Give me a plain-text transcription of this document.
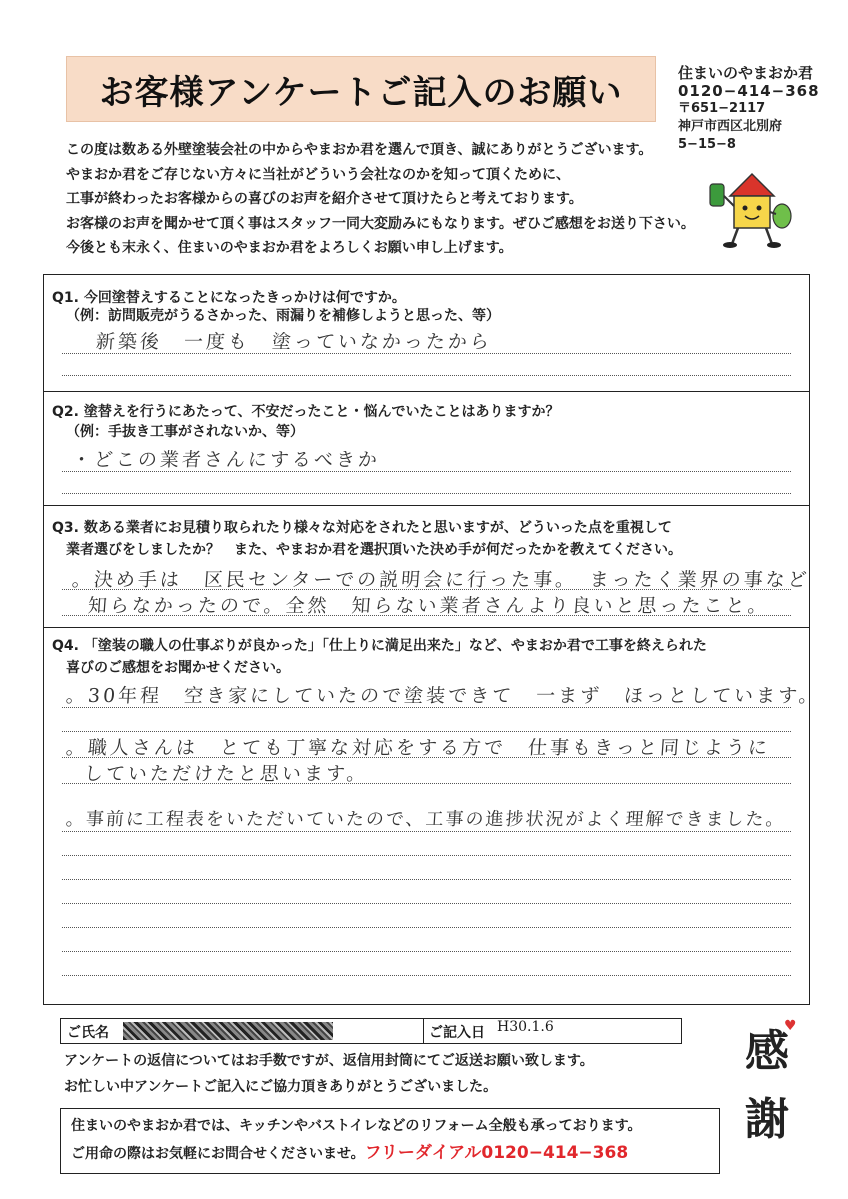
お客様アンケートご記入のお願い	住まいのやまおか君
0120−414−368
〒651−2117
神戸市西区北別府
5−15−8
この度は数ある外壁塗装会社の中からやまおか君を選んで頂き、誠にありがとうございます。
やまおか君をご存じない方々に当社がどういう会社なのかを知って頂くために、
工事が終わったお客様からの喜びのお声を紹介させて頂けたらと考えております。
お客様のお声を聞かせて頂く事はスタッフ一同大変励みにもなります。ぜひご感想をお送り下さい。
今後とも末永く、住まいのやまおか君をよろしくお願い申し上げます。
Q1. 今回塗替えすることになったきっかけは何ですか。
（例：訪問販売がうるさかった、雨漏りを補修しようと思った、等）
新築後　一度も　塗っていなかったから
Q2. 塗替えを行うにあたって、不安だったこと・悩んでいたことはありますか？
（例：手抜き工事がされないか、等）
・どこの業者さんにするべきか
Q3. 数ある業者にお見積り取られたり様々な対応をされたと思いますが、どういった点を重視して
業者選びをしましたか？　また、やまおか君を選択頂いた決め手が何だったかを教えてください。
。決め手は　区民センターでの説明会に行った事。　まったく業界の事など
知らなかったので。全然　知らない業者さんより良いと思ったこと。
Q4. 「塗装の職人の仕事ぶりが良かった」「仕上りに満足出来た」など、やまおか君で工事を終えられた
喜びのご感想をお聞かせください。
。30年程　空き家にしていたので塗装できて　一まず　ほっとしています。
。職人さんは　とても丁寧な対応をする方で　仕事もきっと同じように
していただけたと思います。
。事前に工程表をいただいていたので、工事の進捗状況がよく理解できました。
ご氏名	ご記入日 H30.1.6
アンケートの返信についてはお手数ですが、返信用封筒にてご返送お願い致します。
お忙しい中アンケートご記入にご協力頂きありがとうございました。
感
謝
♥
住まいのやまおか君では、キッチンやバストイレなどのリフォーム全般も承っております。
ご用命の際はお気軽にお問合せくださいませ。フリーダイアル0120−414−368
